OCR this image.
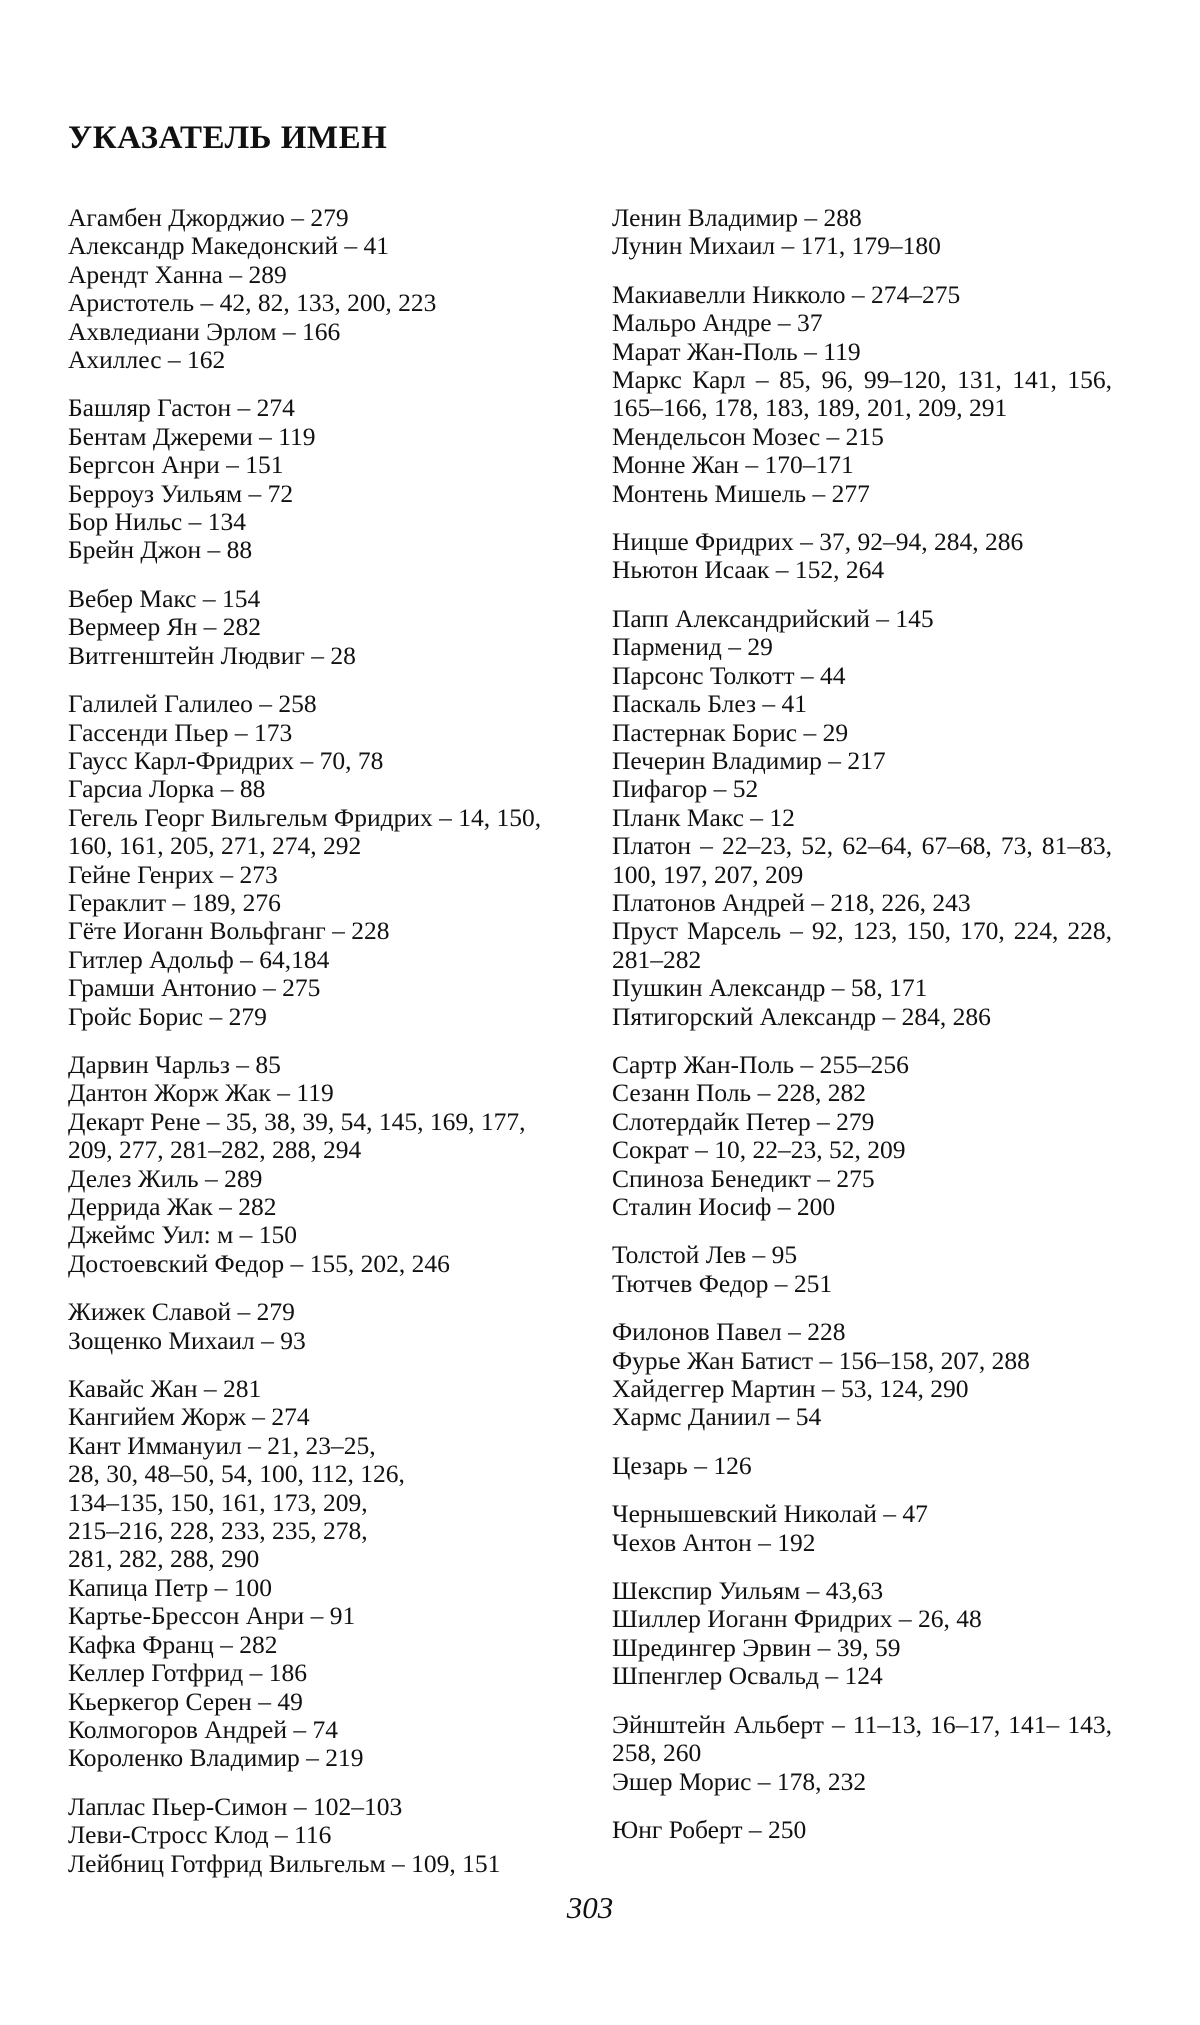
УКАЗАТЕЛЬ ИМЕН
Агамбен Джорджио – 279
Александр Македонский – 41
Арендт Ханна – 289
Аристотель – 42, 82, 133, 200, 223
Ахвледиани Эрлом – 166
Ахиллес – 162
Башляр Гастон – 274
Бентам Джереми – 119
Бергсон Анри – 151
Берроуз Уильям – 72
Бор Нильс – 134
Брейн Джон – 88
Вебер Макс – 154
Вермеер Ян – 282
Витгенштейн Людвиг – 28
Галилей Галилео – 258
Гассенди Пьер – 173
Гаусс Карл-Фридрих – 70, 78
Гарсиа Лорка – 88
Гегель Георг Вильгельм Фридрих – 14, 150, 160, 161, 205, 271, 274, 292
Гейне Генрих – 273
Гераклит – 189, 276
Гёте Иоганн Вольфганг – 228
Гитлер Адольф – 64,184
Грамши Антонио – 275
Гройс Борис – 279
Дарвин Чарльз – 85
Дантон Жорж Жак – 119
Декарт Рене – 35, 38, 39, 54, 145, 169, 177, 209, 277, 281–282, 288, 294
Делез Жиль – 289
Деррида Жак – 282
Джеймс Уил: м – 150
Достоевский Федор – 155, 202, 246
Жижек Славой – 279
Зощенко Михаил – 93
Кавайс Жан – 281
Кангийем Жорж – 274
Кант Иммануил – 21, 23–25,
28, 30, 48–50, 54, 100, 112, 126,
134–135, 150, 161, 173, 209,
215–216, 228, 233, 235, 278,
281, 282, 288, 290
Капица Петр – 100
Картье-Брессон Анри – 91
Кафка Франц – 282
Келлер Готфрид – 186
Кьеркегор Серен – 49
Колмогоров Андрей – 74
Короленко Владимир – 219
Лаплас Пьер-Симон – 102–103
Леви-Стросс Клод – 116
Лейбниц Готфрид Вильгельм – 109, 151
Ленин Владимир – 288
Лунин Михаил – 171, 179–180
Макиавелли Никколо – 274–275
Мальро Андре – 37
Марат Жан-Поль – 119
Маркс Карл – 85, 96, 99–120, 131, 141, 156, 165–166, 178, 183, 189, 201, 209, 291
Мендельсон Мозес – 215
Монне Жан – 170–171
Монтень Мишель – 277
Ницше Фридрих – 37, 92–94, 284, 286
Ньютон Исаак – 152, 264
Папп Александрийский – 145
Парменид – 29
Парсонс Толкотт – 44
Паскаль Блез – 41
Пастернак Борис – 29
Печерин Владимир – 217
Пифагор – 52
Планк Макс – 12
Платон – 22–23, 52, 62–64, 67–68, 73, 81–83, 100, 197, 207, 209
Платонов Андрей – 218, 226, 243
Пруст Марсель – 92, 123, 150, 170, 224, 228, 281–282
Пушкин Александр – 58, 171
Пятигорский Александр – 284, 286
Сартр Жан-Поль – 255–256
Сезанн Поль – 228, 282
Слотердайк Петер – 279
Сократ – 10, 22–23, 52, 209
Спиноза Бенедикт – 275
Сталин Иосиф – 200
Толстой Лев – 95
Тютчев Федор – 251
Филонов Павел – 228
Фурье Жан Батист – 156–158, 207, 288
Хайдеггер Мартин – 53, 124, 290
Хармс Даниил – 54
Цезарь – 126
Чернышевский Николай – 47
Чехов Антон – 192
Шекспир Уильям – 43,63
Шиллер Иоганн Фридрих – 26, 48
Шредингер Эрвин – 39, 59
Шпенглер Освальд – 124
Эйнштейн Альберт – 11–13, 16–17, 141– 143, 258, 260
Эшер Морис – 178, 232
Юнг Роберт – 250
303
